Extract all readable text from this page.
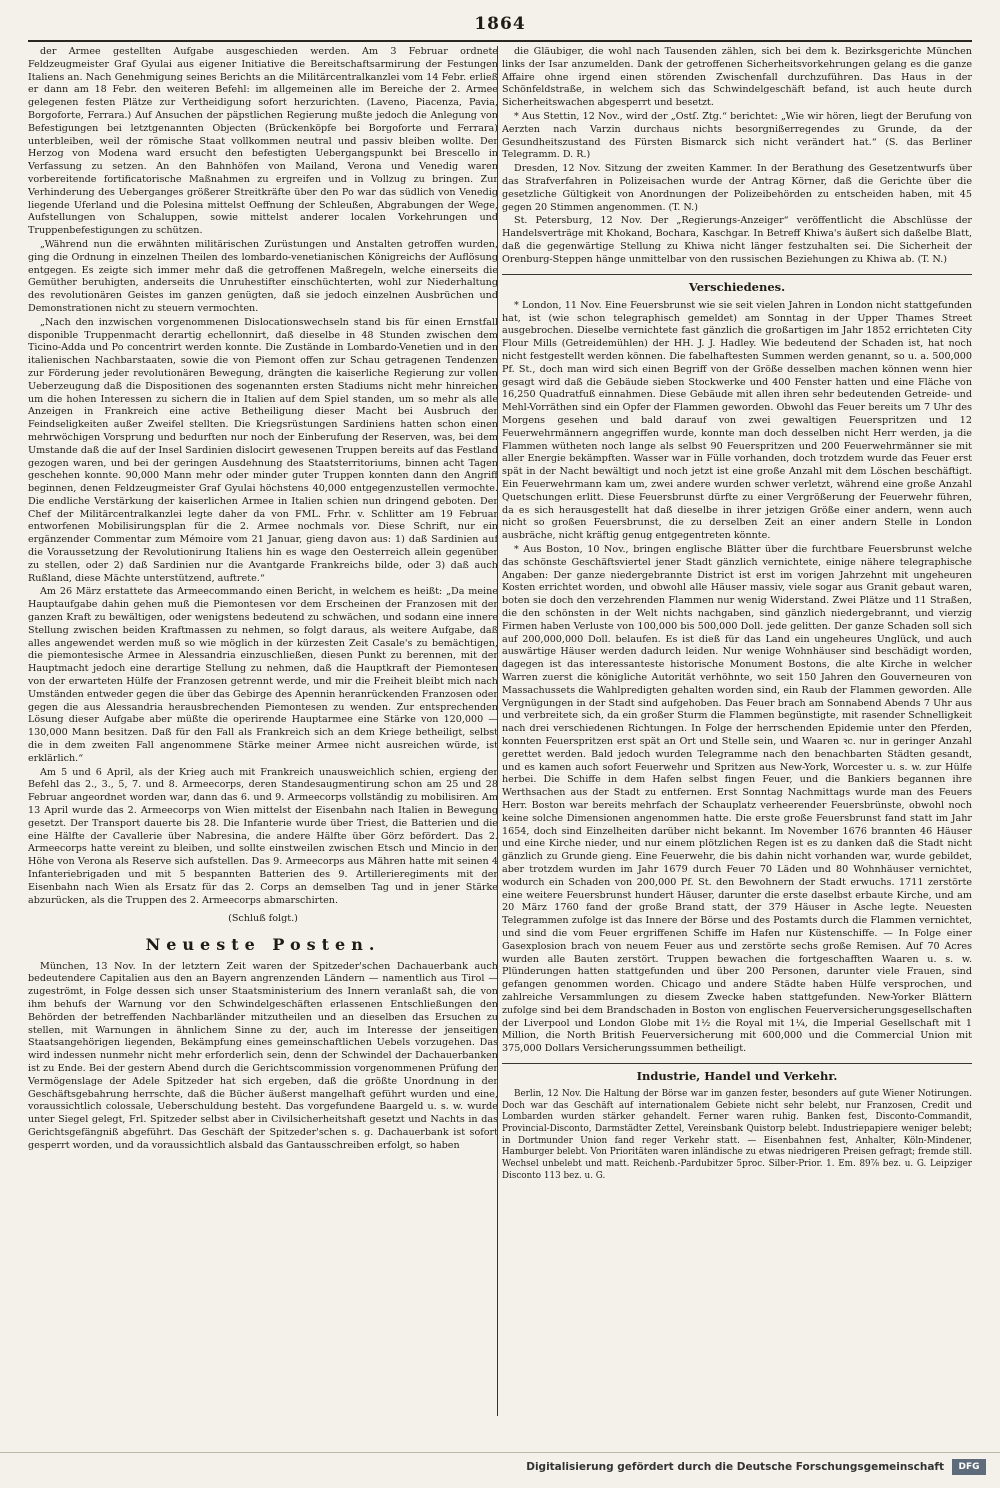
1864

der Armee gestellten Aufgabe ausgeschieden werden. Am 3 Februar ordnete Feldzeugmeister Graf Gyulai aus eigener Initiative die Bereitschaftsarmirung der Festungen Italiens an. Nach Genehmigung seines Berichts an die Militärcentralkanzlei vom 14 Febr. erließ er dann am 18 Febr. den weiteren Befehl: im allgemeinen alle im Bereiche der 2. Armee gelegenen festen Plätze zur Vertheidigung sofort herzurichten. (Laveno, Piacenza, Pavia, Borgoforte, Ferrara.) Auf Ansuchen der päpstlichen Regierung mußte jedoch die Anlegung von Befestigungen bei letztgenannten Objecten (Brückenköpfe bei Borgoforte und Ferrara) unterbleiben, weil der römische Staat vollkommen neutral und passiv bleiben wollte. Der Herzog von Modena ward ersucht den befestigten Uebergangspunkt bei Brescello in Verfassung zu setzen. An den Bahnhöfen von Mailand, Verona und Venedig waren vorbereitende fortificatorische Maßnahmen zu ergreifen und in Vollzug zu bringen. Zur Verhinderung des Ueberganges größerer Streitkräfte über den Po war das südlich von Venedig liegende Uferland und die Polesina mittelst Oeffnung der Schleußen, Abgrabungen der Wege, Aufstellungen von Schaluppen, sowie mittelst anderer localen Vorkehrungen und Truppenbefestigungen zu schützen.

„Während nun die erwähnten militärischen Zurüstungen und Anstalten getroffen wurden, ging die Ordnung in einzelnen Theilen des lombardo-venetianischen Königreichs der Auflösung entgegen. Es zeigte sich immer mehr daß die getroffenen Maßregeln, welche einerseits die Gemüther beruhigten, anderseits die Unruhestifter einschüchterten, wohl zur Niederhaltung des revolutionären Geistes im ganzen genügten, daß sie jedoch einzelnen Ausbrüchen und Demonstrationen nicht zu steuern vermochten.

„Nach den inzwischen vorgenommenen Dislocationswechseln stand bis für einen Ernstfall disponible Truppenmacht derartig echellonnirt, daß dieselbe in 48 Stunden zwischen dem Ticino-Adda und Po concentrirt werden konnte. Die Zustände in Lombardo-Venetien und in den italienischen Nachbarstaaten, sowie die von Piemont offen zur Schau getragenen Tendenzen zur Förderung jeder revolutionären Bewegung, drängten die kaiserliche Regierung zur vollen Ueberzeugung daß die Dispositionen des sogenannten ersten Stadiums nicht mehr hinreichen um die hohen Interessen zu sichern die in Italien auf dem Spiel standen, um so mehr als alle Anzeigen in Frankreich eine active Betheiligung dieser Macht bei Ausbruch der Feindseligkeiten außer Zweifel stellten. Die Kriegsrüstungen Sardiniens hatten schon einen mehrwöchigen Vorsprung und bedurften nur noch der Einberufung der Reserven, was, bei dem Umstande daß die auf der Insel Sardinien dislocirt gewesenen Truppen bereits auf das Festland gezogen waren, und bei der geringen Ausdehnung des Staatsterritoriums, binnen acht Tagen geschehen konnte. 90,000 Mann mehr oder minder guter Truppen konnten dann den Angriff beginnen, denen Feldzeugmeister Graf Gyulai höchstens 40,000 entgegenzustellen vermochte. Die endliche Verstärkung der kaiserlichen Armee in Italien schien nun dringend geboten. Der Chef der Militärcentralkanzlei legte daher da von FML. Frhr. v. Schlitter am 19 Februar entworfenen Mobilisirungsplan für die 2. Armee nochmals vor. Diese Schrift, nur ein ergänzender Commentar zum Mémoire vom 21 Januar, gieng davon aus: 1) daß Sardinien auf die Voraussetzung der Revolutionirung Italiens hin es wage den Oesterreich allein gegenüber zu stellen, oder 2) daß Sardinien nur die Avantgarde Frankreichs bilde, oder 3) daß auch Rußland, diese Mächte unterstützend, auftrete.“

Am 26 März erstattete das Armeecommando einen Bericht, in welchem es heißt: „Da meine Hauptaufgabe dahin gehen muß die Piemontesen vor dem Erscheinen der Franzosen mit der ganzen Kraft zu bewältigen, oder wenigstens bedeutend zu schwächen, und sodann eine innere Stellung zwischen beiden Kraftmassen zu nehmen, so folgt daraus, als weitere Aufgabe, daß alles angewendet werden muß so wie möglich in der kürzesten Zeit Casale's zu bemächtigen, die piemontesische Armee in Alessandria einzuschließen, diesen Punkt zu berennen, mit der Hauptmacht jedoch eine derartige Stellung zu nehmen, daß die Hauptkraft der Piemontesen von der erwarteten Hülfe der Franzosen getrennt werde, und mir die Freiheit bleibt mich nach Umständen entweder gegen die über das Gebirge des Apennin heranrückenden Franzosen oder gegen die aus Alessandria herausbrechenden Piemontesen zu wenden. Zur entsprechenden Lösung dieser Aufgabe aber müßte die operirende Hauptarmee eine Stärke von 120,000 — 130,000 Mann besitzen. Daß für den Fall als Frankreich sich an dem Kriege betheiligt, selbst die in dem zweiten Fall angenommene Stärke meiner Armee nicht ausreichen würde, ist erklärlich.“

Am 5 und 6 April, als der Krieg auch mit Frankreich unausweichlich schien, ergieng der Befehl das 2., 3., 5, 7. und 8. Armeecorps, deren Standesaugmentirung schon am 25 und 28 Februar angeordnet worden war, dann das 6. und 9. Armeecorps vollständig zu mobilisiren. Am 13 April wurde das 2. Armeecorps von Wien mittelst der Eisenbahn nach Italien in Bewegung gesetzt. Der Transport dauerte bis 28. Die Infanterie wurde über Triest, die Batterien und die eine Hälfte der Cavallerie über Nabresina, die andere Hälfte über Görz befördert. Das 2. Armeecorps hatte vereint zu bleiben, und sollte einstweilen zwischen Etsch und Mincio in der Höhe von Verona als Reserve sich aufstellen. Das 9. Armeecorps aus Mähren hatte mit seinen 4 Infanteriebrigaden und mit 5 bespannten Batterien des 9. Artillerieregiments mit der Eisenbahn nach Wien als Ersatz für das 2. Corps an demselben Tag und in jener Stärke abzurücken, als die Truppen des 2. Armeecorps abmarschirten.

(Schluß folgt.)
Neueste Posten.

München, 13 Nov. In der letztern Zeit waren der Spitzeder'schen Dachauerbank auch bedeutendere Capitalien aus den an Bayern angrenzenden Ländern — namentlich aus Tirol — zugeströmt, in Folge dessen sich unser Staatsministerium des Innern veranlaßt sah, die von ihm behufs der Warnung vor den Schwindelgeschäften erlassenen Entschließungen den Behörden der betreffenden Nachbarländer mitzutheilen und an dieselben das Ersuchen zu stellen, mit Warnungen in ähnlichem Sinne zu der, auch im Interesse der jenseitigen Staatsangehörigen liegenden, Bekämpfung eines gemeinschaftlichen Uebels vorzugehen. Das wird indessen nunmehr nicht mehr erforderlich sein, denn der Schwindel der Dachauerbanken ist zu Ende. Bei der gestern Abend durch die Gerichtscommission vorgenommenen Prüfung der Vermögenslage der Adele Spitzeder hat sich ergeben, daß die größte Unordnung in der Geschäftsgebahrung herrschte, daß die Bücher äußerst mangelhaft geführt wurden und eine, voraussichtlich colossale, Ueberschuldung besteht. Das vorgefundene Baargeld u. s. w. wurde unter Siegel gelegt, Frl. Spitzeder selbst aber in Civilsicherheitshaft gesetzt und Nachts in das Gerichtsgefängniß abgeführt. Das Geschäft der Spitzeder'schen s. g. Dachauerbank ist sofort gesperrt worden, und da voraussichtlich alsbald das Gantausschreiben erfolgt, so haben

die Gläubiger, die wohl nach Tausenden zählen, sich bei dem k. Bezirksgerichte München links der Isar anzumelden. Dank der getroffenen Sicherheitsvorkehrungen gelang es die ganze Affaire ohne irgend einen störenden Zwischenfall durchzuführen. Das Haus in der Schönfeldstraße, in welchem sich das Schwindelgeschäft befand, ist auch heute durch Sicherheitswachen abgesperrt und besetzt.

* Aus Stettin, 12 Nov., wird der „Ostſ. Ztg.“ berichtet: „Wie wir hören, liegt der Berufung von Aerzten nach Varzin durchaus nichts besorgnißerregendes zu Grunde, da der Gesundheitszustand des Fürsten Bismarck sich nicht verändert hat.“ (S. das Berliner Telegramm. D. R.)

Dresden, 12 Nov. Sitzung der zweiten Kammer. In der Berathung des Gesetzentwurfs über das Strafverfahren in Polizeisachen wurde der Antrag Körner, daß die Gerichte über die gesetzliche Gültigkeit von Anordnungen der Polizeibehörden zu entscheiden haben, mit 45 gegen 20 Stimmen angenommen. (T. N.)

St. Petersburg, 12 Nov. Der „Regierungs-Anzeiger“ veröffentlicht die Abschlüsse der Handelsverträge mit Khokand, Bochara, Kaschgar. In Betreff Khiwa's äußert sich daßelbe Blatt, daß die gegenwärtige Stellung zu Khiwa nicht länger festzuhalten sei. Die Sicherheit der Orenburg-Steppen hänge unmittelbar von den russischen Beziehungen zu Khiwa ab. (T. N.)

Verschiedenes.

* London, 11 Nov. Eine Feuersbrunst wie sie seit vielen Jahren in London nicht stattgefunden hat, ist (wie schon telegraphisch gemeldet) am Sonntag in der Upper Thames Street ausgebrochen. Dieselbe vernichtete fast gänzlich die großartigen im Jahr 1852 errichteten City Flour Mills (Getreidemühlen) der HH. J. J. Hadley. Wie bedeutend der Schaden ist, hat noch nicht festgestellt werden können. Die fabelhaftesten Summen werden genannt, so u. a. 500,000 Pf. St., doch man wird sich einen Begriff von der Größe desselben machen können wenn hier gesagt wird daß die Gebäude sieben Stockwerke und 400 Fenster hatten und eine Fläche von 16,250 Quadratfuß einnahmen. Diese Gebäude mit allen ihren sehr bedeutenden Getreide- und Mehl-Vorräthen sind ein Opfer der Flammen geworden. Obwohl das Feuer bereits um 7 Uhr des Morgens gesehen und bald darauf von zwei gewaltigen Feuerspritzen und 12 Feuerwehrmännern angegriffen wurde, konnte man doch desselben nicht Herr werden, ja die Flammen wütheten noch lange als selbst 90 Feuerspritzen und 200 Feuerwehrmänner sie mit aller Energie bekämpften. Wasser war in Fülle vorhanden, doch trotzdem wurde das Feuer erst spät in der Nacht bewältigt und noch jetzt ist eine große Anzahl mit dem Löschen beschäftigt. Ein Feuerwehrmann kam um, zwei andere wurden schwer verletzt, während eine große Anzahl Quetschungen erlitt. Diese Feuersbrunst dürfte zu einer Vergrößerung der Feuerwehr führen, da es sich herausgestellt hat daß dieselbe in ihrer jetzigen Größe einer andern, wenn auch nicht so großen Feuersbrunst, die zu derselben Zeit an einer andern Stelle in London ausbräche, nicht kräftig genug entgegentreten könnte.

* Aus Boston, 10 Nov., bringen englische Blätter über die furchtbare Feuersbrunst welche das schönste Geschäftsviertel jener Stadt gänzlich vernichtete, einige nähere telegraphische Angaben: Der ganze niedergebrannte District ist erst im vorigen Jahrzehnt mit ungeheuren Kosten errichtet worden, und obwohl alle Häuser massiv, viele sogar aus Granit gebaut waren, boten sie doch den verzehrenden Flammen nur wenig Widerstand. Zwei Plätze und 11 Straßen, die den schönsten in der Welt nichts nachgaben, sind gänzlich niedergebrannt, und vierzig Firmen haben Verluste von 100,000 bis 500,000 Doll. jede gelitten. Der ganze Schaden soll sich auf 200,000,000 Doll. belaufen. Es ist dieß für das Land ein ungeheures Unglück, und auch auswärtige Häuser werden dadurch leiden. Nur wenige Wohnhäuser sind beschädigt worden, dagegen ist das interessanteste historische Monument Bostons, die alte Kirche in welcher Warren zuerst die königliche Autorität verhöhnte, wo seit 150 Jahren den Gouverneuren von Massachussets die Wahlpredigten gehalten worden sind, ein Raub der Flammen geworden. Alle Vergnügungen in der Stadt sind aufgehoben. Das Feuer brach am Sonnabend Abends 7 Uhr aus und verbreitete sich, da ein großer Sturm die Flammen begünstigte, mit rasender Schnelligkeit nach drei verschiedenen Richtungen. In Folge der herrschenden Epidemie unter den Pferden, konnten Feuerspritzen erst spät an Ort und Stelle sein, und Waaren ꝛc. nur in geringer Anzahl gerettet werden. Bald jedoch wurden Telegramme nach den benachbarten Städten gesandt, und es kamen auch sofort Feuerwehr und Spritzen aus New-York, Worcester u. s. w. zur Hülfe herbei. Die Schiffe in dem Hafen selbst fingen Feuer, und die Bankiers begannen ihre Werthsachen aus der Stadt zu entfernen. Erst Sonntag Nachmittags wurde man des Feuers Herr. Boston war bereits mehrfach der Schauplatz verheerender Feuersbrünste, obwohl noch keine solche Dimensionen angenommen hatte. Die erste große Feuersbrunst fand statt im Jahr 1654, doch sind Einzelheiten darüber nicht bekannt. Im November 1676 brannten 46 Häuser und eine Kirche nieder, und nur einem plötzlichen Regen ist es zu danken daß die Stadt nicht gänzlich zu Grunde gieng. Eine Feuerwehr, die bis dahin nicht vorhanden war, wurde gebildet, aber trotzdem wurden im Jahr 1679 durch Feuer 70 Läden und 80 Wohnhäuser vernichtet, wodurch ein Schaden von 200,000 Pf. St. den Bewohnern der Stadt erwuchs. 1711 zerstörte eine weitere Feuersbrunst hundert Häuser, darunter die erste daselbst erbaute Kirche, und am 20 März 1760 fand der große Brand statt, der 379 Häuser in Asche legte. Neuesten Telegrammen zufolge ist das Innere der Börse und des Postamts durch die Flammen vernichtet, und sind die vom Feuer ergriffenen Schiffe im Hafen nur Küstenschiffe. — In Folge einer Gasexplosion brach von neuem Feuer aus und zerstörte sechs große Remisen. Auf 70 Acres wurden alle Bauten zerstört. Truppen bewachen die fortgeschafften Waaren u. s. w. Plünderungen hatten stattgefunden und über 200 Personen, darunter viele Frauen, sind gefangen genommen worden. Chicago und andere Städte haben Hülfe versprochen, und zahlreiche Versammlungen zu diesem Zwecke haben stattgefunden. New-Yorker Blättern zufolge sind bei dem Brandschaden in Boston von englischen Feuerversicherungsgesellschaften der Liverpool und London Globe mit 1½ die Royal mit 1¼, die Imperial Gesellschaft mit 1 Million, die North British Feuerversicherung mit 600,000 und die Commercial Union mit 375,000 Dollars Versicherungssummen betheiligt.

Industrie, Handel und Verkehr.

Berlin, 12 Nov. Die Haltung der Börse war im ganzen fester, besonders auf gute Wiener Notirungen. Doch war das Geschäft auf internationalem Gebiete nicht sehr belebt, nur Franzosen, Credit und Lombarden wurden stärker gehandelt. Ferner waren ruhig. Banken fest, Disconto-Commandit, Provincial-Disconto, Darmstädter Zettel, Vereinsbank Quistorp belebt. Industriepapiere weniger belebt; in Dortmunder Union fand reger Verkehr statt. — Eisenbahnen fest, Anhalter, Köln-Mindener, Hamburger belebt. Von Prioritäten waren inländische zu etwas niedrigeren Preisen gefragt; fremde still. Wechsel unbelebt und matt. Reichenb.-Pardubitzer 5proc. Silber-Prior. 1. Em. 89⅞ bez. u. G. Leipziger Disconto 113 bez. u. G.

Digitalisierung gefördert durch die Deutsche Forschungsgemeinschaft	DFG
